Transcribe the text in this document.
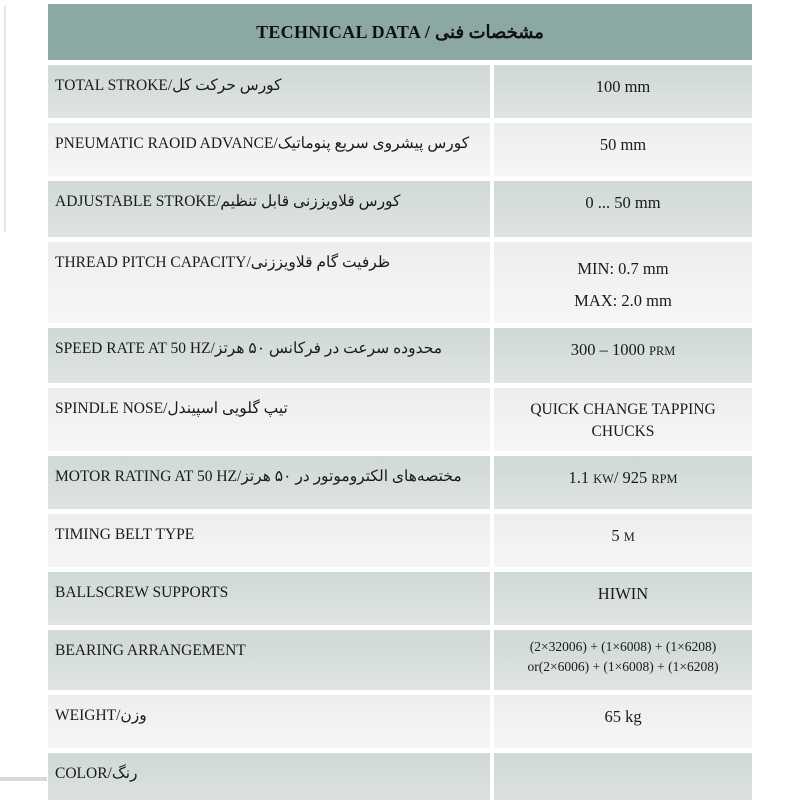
TECHNICAL DATA / مشخصات فنی
TOTAL STROKE/کورس حرکت کل	100 mm
PNEUMATIC RAOID ADVANCE/کورس پیشروی سریع پنوماتیک	50 mm
ADJUSTABLE STROKE/کورس قلاویززنی قابل تنظیم	0 ... 50 mm
THREAD PITCH CAPACITY/ظرفیت گام قلاویززنی	MIN: 0.7 mm
MAX: 2.0 mm
SPEED RATE AT 50 HZ/محدوده سرعت در فرکانس ۵۰ هرتز	300 – 1000 PRM
SPINDLE NOSE/تیپ گلویی اسپیندل	QUICK CHANGE TAPPING
CHUCKS
MOTOR RATING AT 50 HZ/مختصه‌های الکتروموتور در ۵۰ هرتز	1.1 KW/ 925 RPM
TIMING BELT TYPE	5 M
BALLSCREW SUPPORTS	HIWIN
BEARING ARRANGEMENT	(2×32006) + (1×6008) + (1×6208)
or(2×6006) + (1×6008) + (1×6208)
WEIGHT/وزن	65 kg
COLOR/رنگ
